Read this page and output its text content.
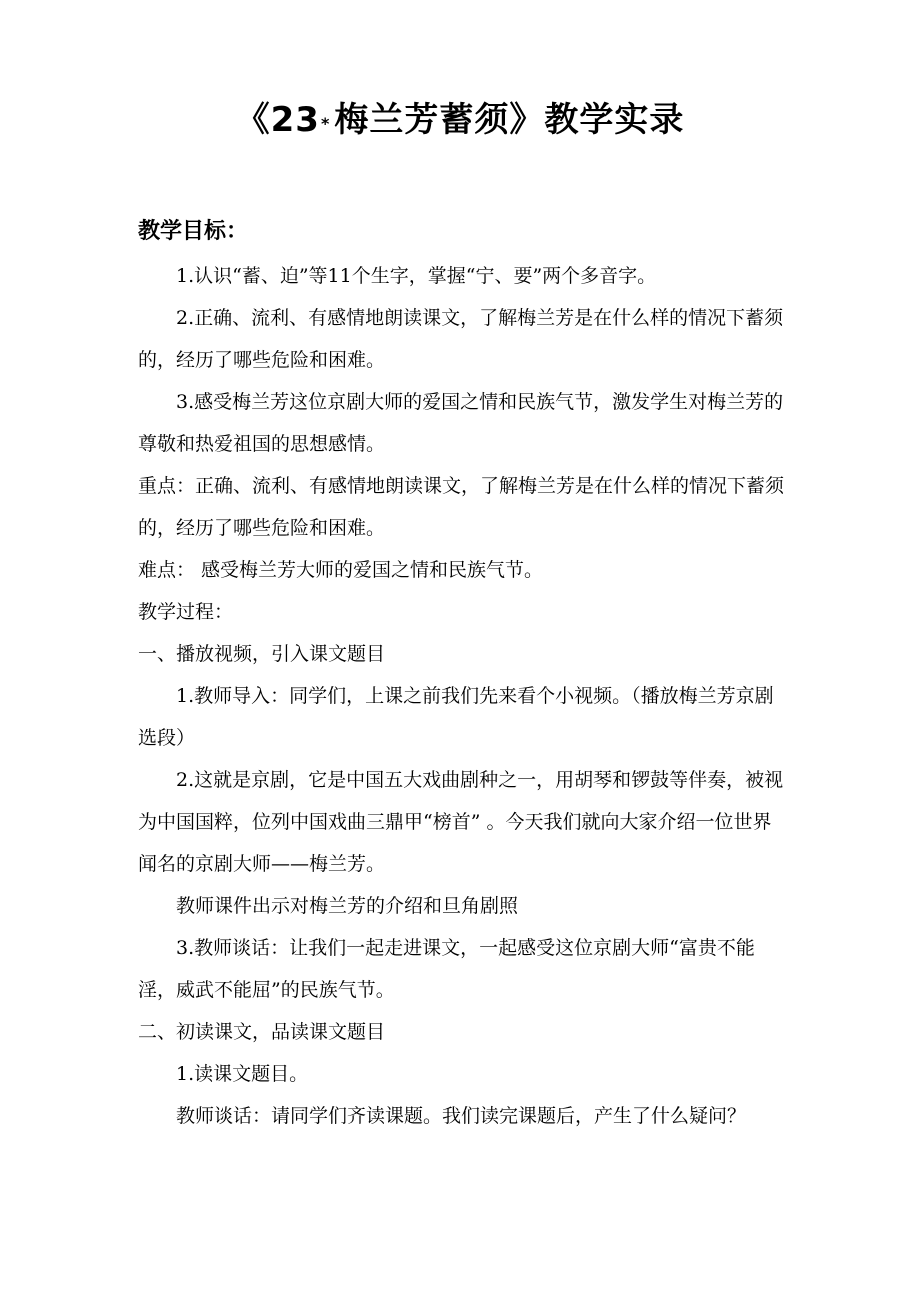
《23* 梅兰芳蓄须》教学实录
教学目标：

1.认识“蓄、迫”等11个生字，掌握“宁、要”两个多音字。

2.正确、流利、有感情地朗读课文，了解梅兰芳是在什么样的情况下蓄须的，经历了哪些危险和困难。

3.感受梅兰芳这位京剧大师的爱国之情和民族气节，激发学生对梅兰芳的尊敬和热爱祖国的思想感情。

重点：正确、流利、有感情地朗读课文，了解梅兰芳是在什么样的情况下蓄须的，经历了哪些危险和困难。

难点： 感受梅兰芳大师的爱国之情和民族气节。

教学过程：

一、播放视频，引入课文题目

1.教师导入：同学们，上课之前我们先来看个小视频。（播放梅兰芳京剧选段）

2.这就是京剧，它是中国五大戏曲剧种之一，用胡琴和锣鼓等伴奏，被视为中国国粹，位列中国戏曲三鼎甲“榜首” 。今天我们就向大家介绍一位世界闻名的京剧大师——梅兰芳。

教师课件出示对梅兰芳的介绍和旦角剧照

3.教师谈话：让我们一起走进课文，一起感受这位京剧大师“富贵不能淫，威武不能屈”的民族气节。

二、初读课文，品读课文题目

1.读课文题目。

教师谈话：请同学们齐读课题。我们读完课题后，产生了什么疑问？
